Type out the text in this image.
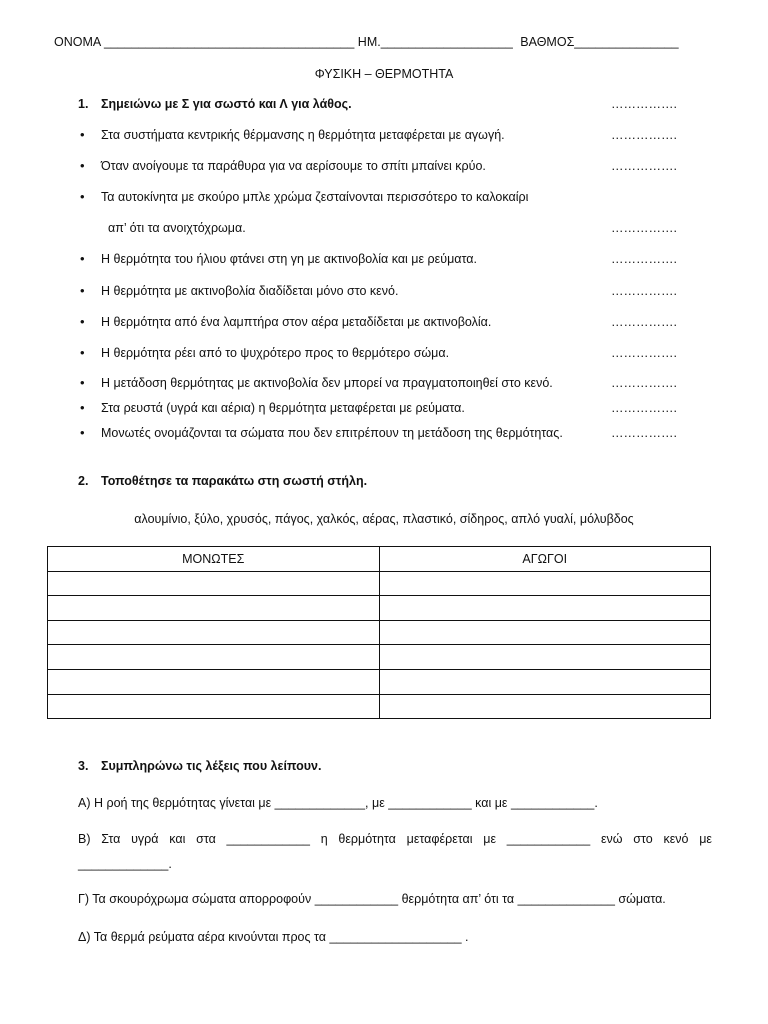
ΟΝΟΜΑ ____________________________________ ΗΜ.___________________ ΒΑΘΜΟΣ_______________
ΦΥΣΙΚΗ – ΘΕΡΜΟΤΗΤΑ
1. Σημειώνω με Σ για σωστό και Λ για λάθος.	…………….
• Στα συστήματα κεντρικής θέρμανσης η θερμότητα μεταφέρεται με αγωγή.	…………….
• Όταν ανοίγουμε τα παράθυρα για να αερίσουμε το σπίτι μπαίνει κρύο.	…………….
• Τα αυτοκίνητα με σκούρο μπλε χρώμα ζεσταίνονται περισσότερο το καλοκαίρι
απ’ ότι τα ανοιχτόχρωμα.	…………….
• Η θερμότητα του ήλιου φτάνει στη γη με ακτινοβολία και με ρεύματα.	…………….
• Η θερμότητα με ακτινοβολία διαδίδεται μόνο στο κενό.	…………….
• Η θερμότητα από ένα λαμπτήρα στον αέρα μεταδίδεται με ακτινοβολία.	…………….
• Η θερμότητα ρέει από το ψυχρότερο προς το θερμότερο σώμα.	…………….
• Η μετάδοση θερμότητας με ακτινοβολία δεν μπορεί να πραγματοποιηθεί στο κενό.	…………….
• Στα ρευστά (υγρά και αέρια) η θερμότητα μεταφέρεται με ρεύματα.	…………….
• Μονωτές ονομάζονται τα σώματα που δεν επιτρέπουν τη μετάδοση της θερμότητας.	…………….
2. Τοποθέτησε τα παρακάτω στη σωστή στήλη.
αλουμίνιο, ξύλο, χρυσός, πάγος, χαλκός, αέρας, πλαστικό, σίδηρος, απλό γυαλί, μόλυβδος
ΜΟΝΩΤΕΣ	ΑΓΩΓΟΙ

3. Συμπληρώνω τις λέξεις που λείπουν.
Α) Η ροή της θερμότητας γίνεται με _____________, με ____________ και με ____________.
Β) Στα υγρά και στα ____________ η θερμότητα μεταφέρεται με ____________ ενώ στο κενό με
_____________.
Γ) Τα σκουρόχρωμα σώματα απορροφούν ____________ θερμότητα απ’ ότι τα ______________ σώματα.
Δ) Τα θερμά ρεύματα αέρα κινούνται προς τα ___________________ .
